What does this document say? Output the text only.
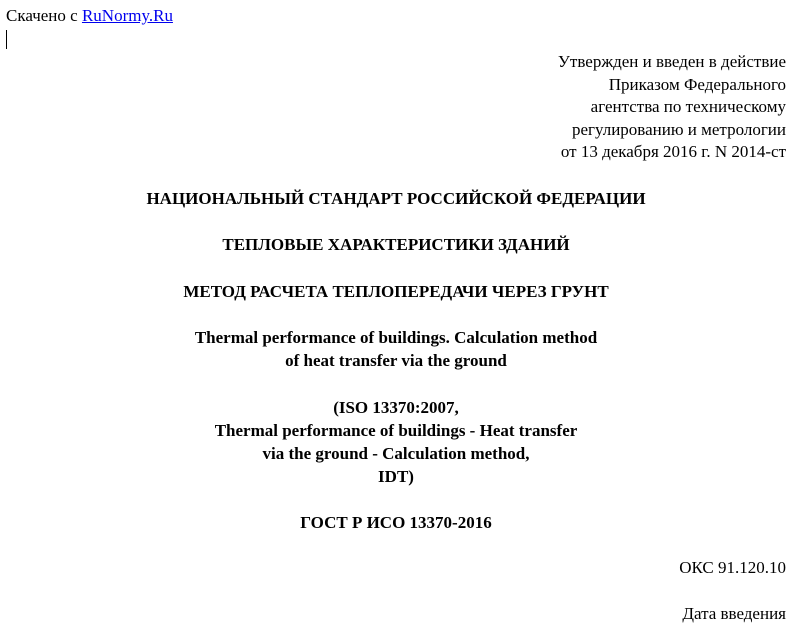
Скачено с RuNormy.Ru
Утвержден и введен в действие
Приказом Федерального
агентства по техническому
регулированию и метрологии
от 13 декабря 2016 г. N 2014-ст
НАЦИОНАЛЬНЫЙ СТАНДАРТ РОССИЙСКОЙ ФЕДЕРАЦИИ
ТЕПЛОВЫЕ ХАРАКТЕРИСТИКИ ЗДАНИЙ
МЕТОД РАСЧЕТА ТЕПЛОПЕРЕДАЧИ ЧЕРЕЗ ГРУНТ
Thermal performance of buildings. Calculation method
of heat transfer via the ground
(ISO 13370:2007,
Thermal performance of buildings - Heat transfer
via the ground - Calculation method,
IDT)
ГОСТ Р ИСО 13370-2016
ОКС 91.120.10
Дата введения
